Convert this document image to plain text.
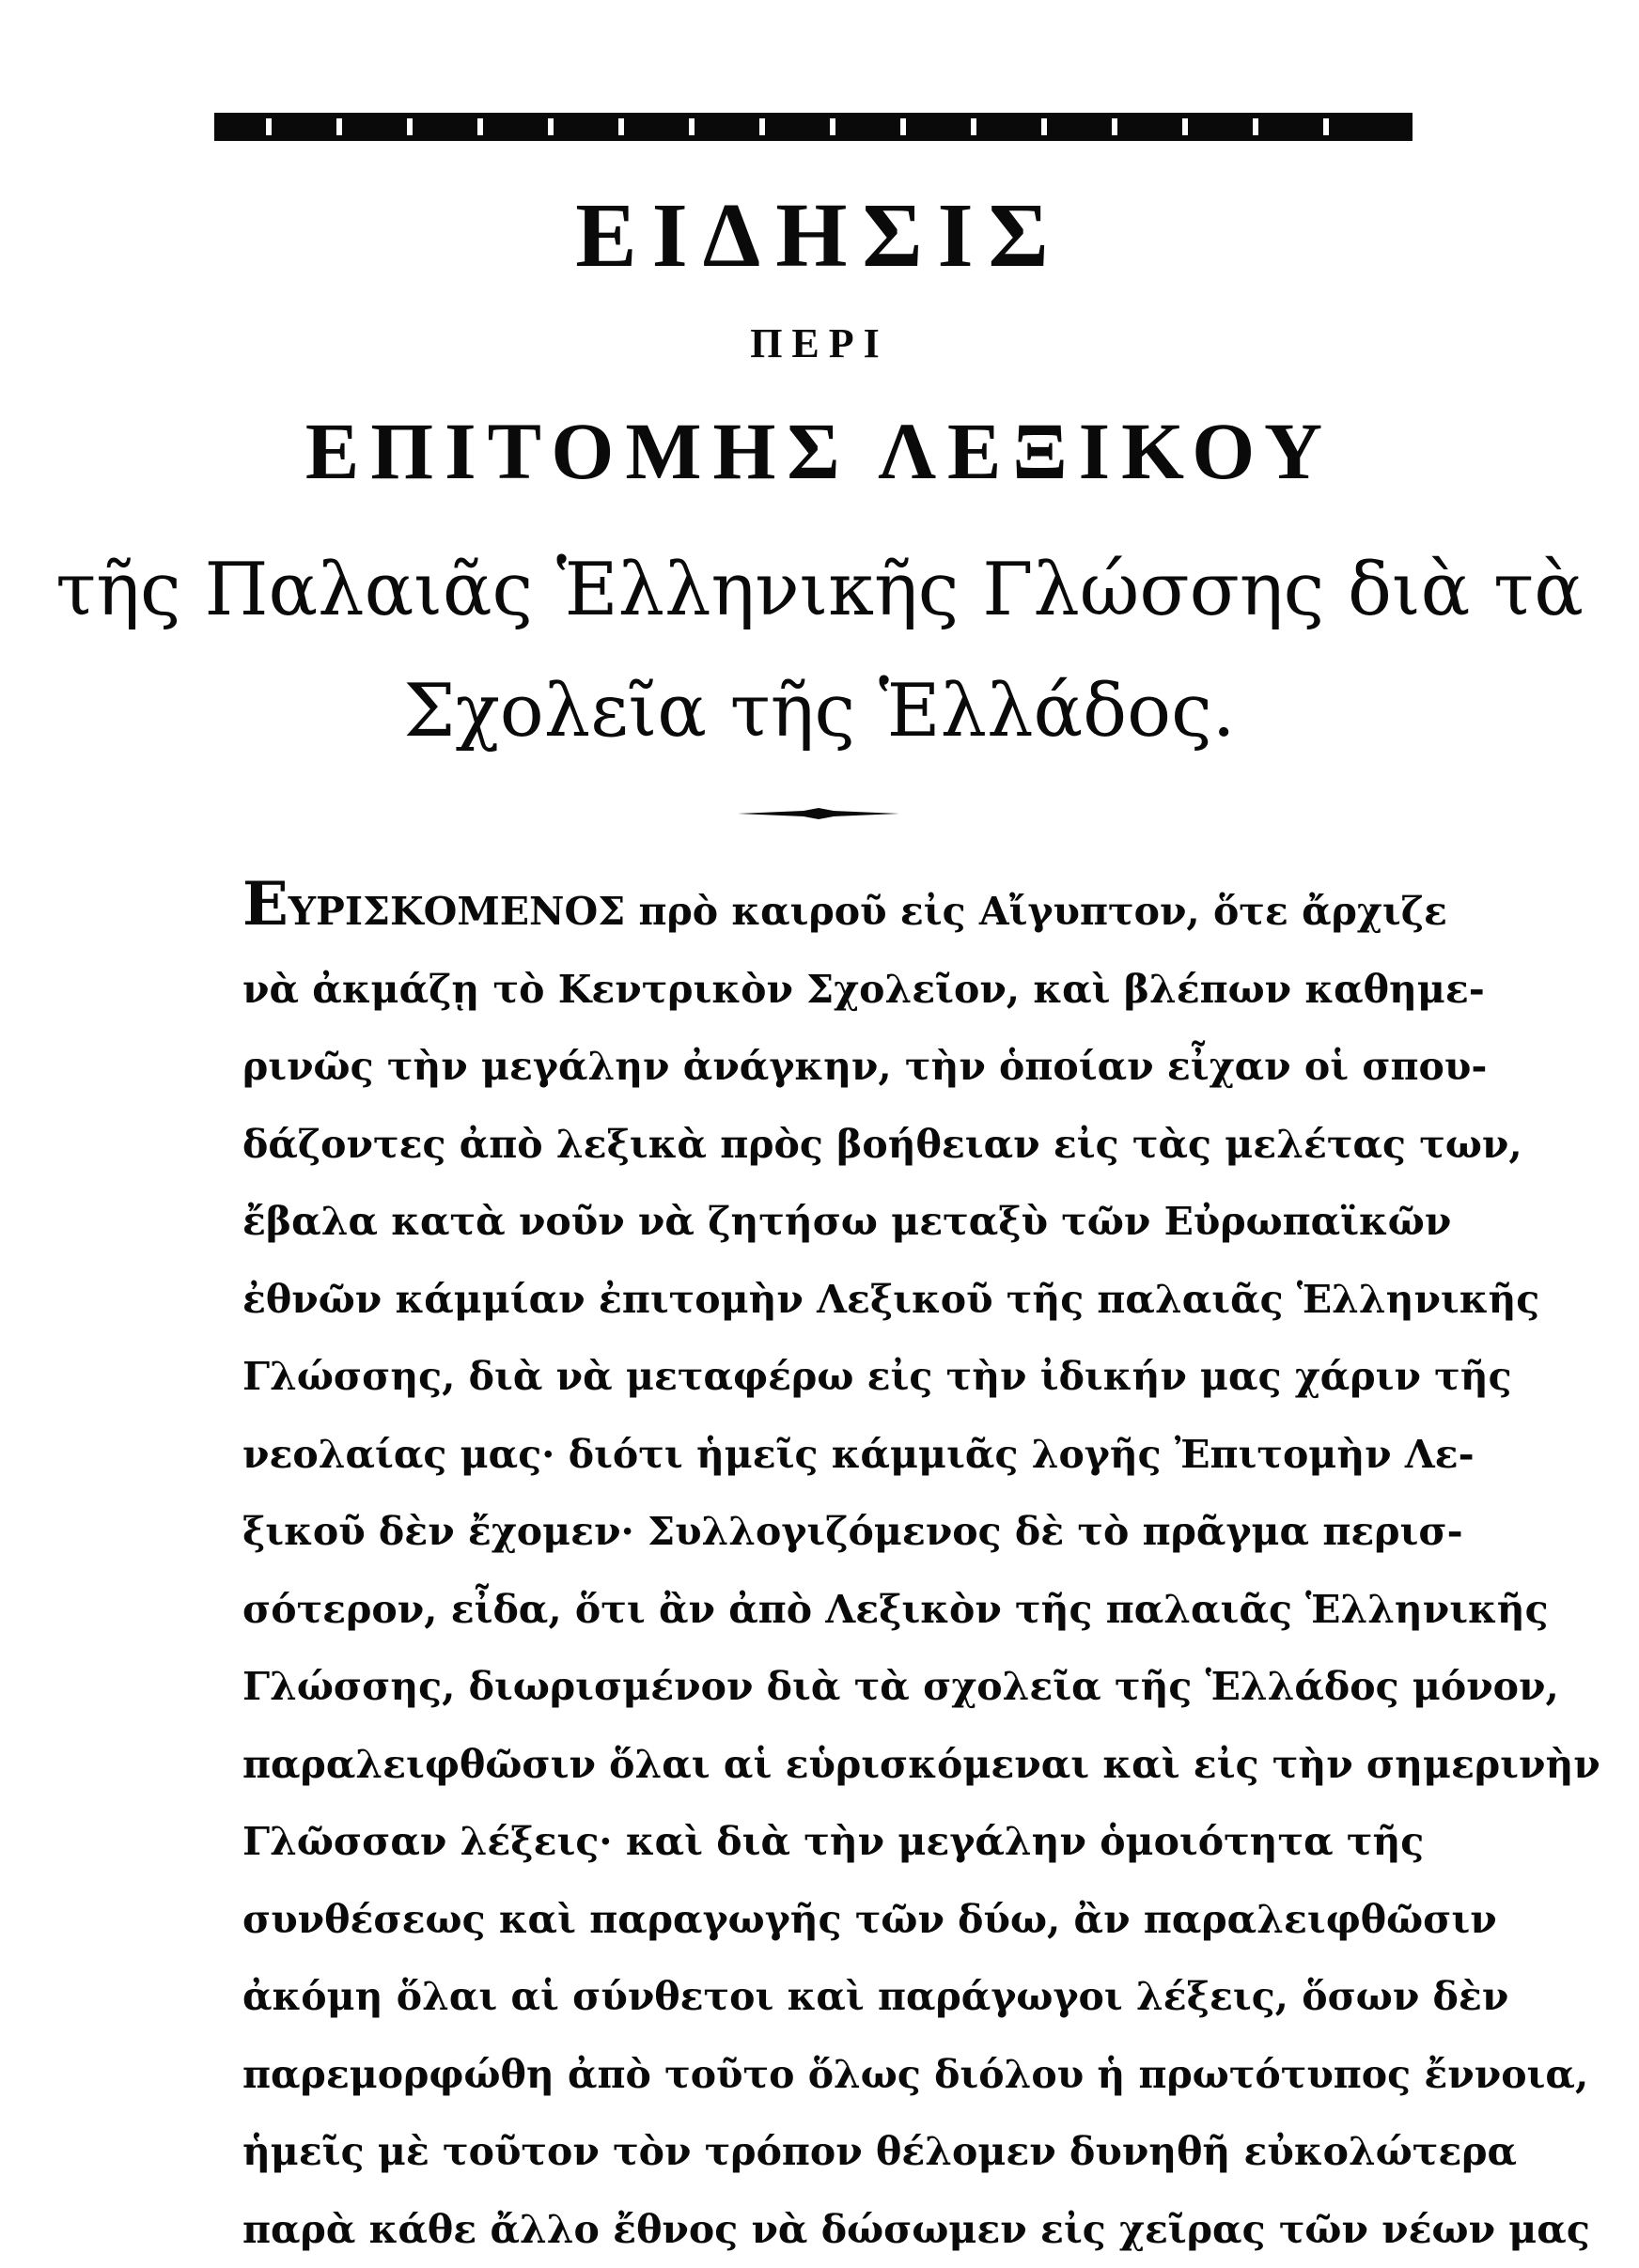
ΕΙΔΗΣΙΣ
ΠΕΡΙ
ΕΠΙΤΟΜΗΣ ΛΕΞΙΚΟΥ
τῆς Παλαιᾶς Ἑλληνικῆς Γλώσσης διὰ τὰ
Σχολεῖα τῆς Ἑλλάδος.
ΕΥΡΙΣΚΟΜΕΝΟΣ πρὸ καιροῦ εἰς Αἴγυπτον, ὅτε ἄρχιζε
νὰ ἀκμάζῃ τὸ Κεντρικὸν Σχολεῖον, καὶ βλέπων καθημε-
ρινῶς τὴν μεγάλην ἀνάγκην, τὴν ὁποίαν εἶχαν οἱ σπου-
δάζοντες ἀπὸ λεξικὰ πρὸς βοήθειαν εἰς τὰς μελέτας των,
ἔβαλα κατὰ νοῦν νὰ ζητήσω μεταξὺ τῶν Εὐρωπαϊκῶν
ἐθνῶν κάμμίαν ἐπιτομὴν Λεξικοῦ τῆς παλαιᾶς Ἑλληνικῆς
Γλώσσης, διὰ νὰ μεταφέρω εἰς τὴν ἰδικήν μας χάριν τῆς
νεολαίας μας· διότι ἡμεῖς κάμμιᾶς λογῆς Ἐπιτομὴν Λε-
ξικοῦ δὲν ἔχομεν· Συλλογιζόμενος δὲ τὸ πρᾶγμα περισ-
σότερον, εἶδα, ὅτι ἂν ἀπὸ Λεξικὸν τῆς παλαιᾶς Ἑλληνικῆς
Γλώσσης, διωρισμένον διὰ τὰ σχολεῖα τῆς Ἑλλάδος μόνον,
παραλειφθῶσιν ὅλαι αἱ εὑρισκόμεναι καὶ εἰς τὴν σημερινὴν
Γλῶσσαν λέξεις· καὶ διὰ τὴν μεγάλην ὁμοιότητα τῆς
συνθέσεως καὶ παραγωγῆς τῶν δύω, ἂν παραλειφθῶσιν
ἀκόμη ὅλαι αἱ σύνθετοι καὶ παράγωγοι λέξεις, ὅσων δὲν
παρεμορφώθη ἀπὸ τοῦτο ὅλως διόλου ἡ πρωτότυπος ἔννοια,
ἡμεῖς μὲ τοῦτον τὸν τρόπον θέλομεν δυνηθῆ εὐκολώτερα
παρὰ κάθε ἄλλο ἔθνος νὰ δώσωμεν εἰς χεῖρας τῶν νέων μας
